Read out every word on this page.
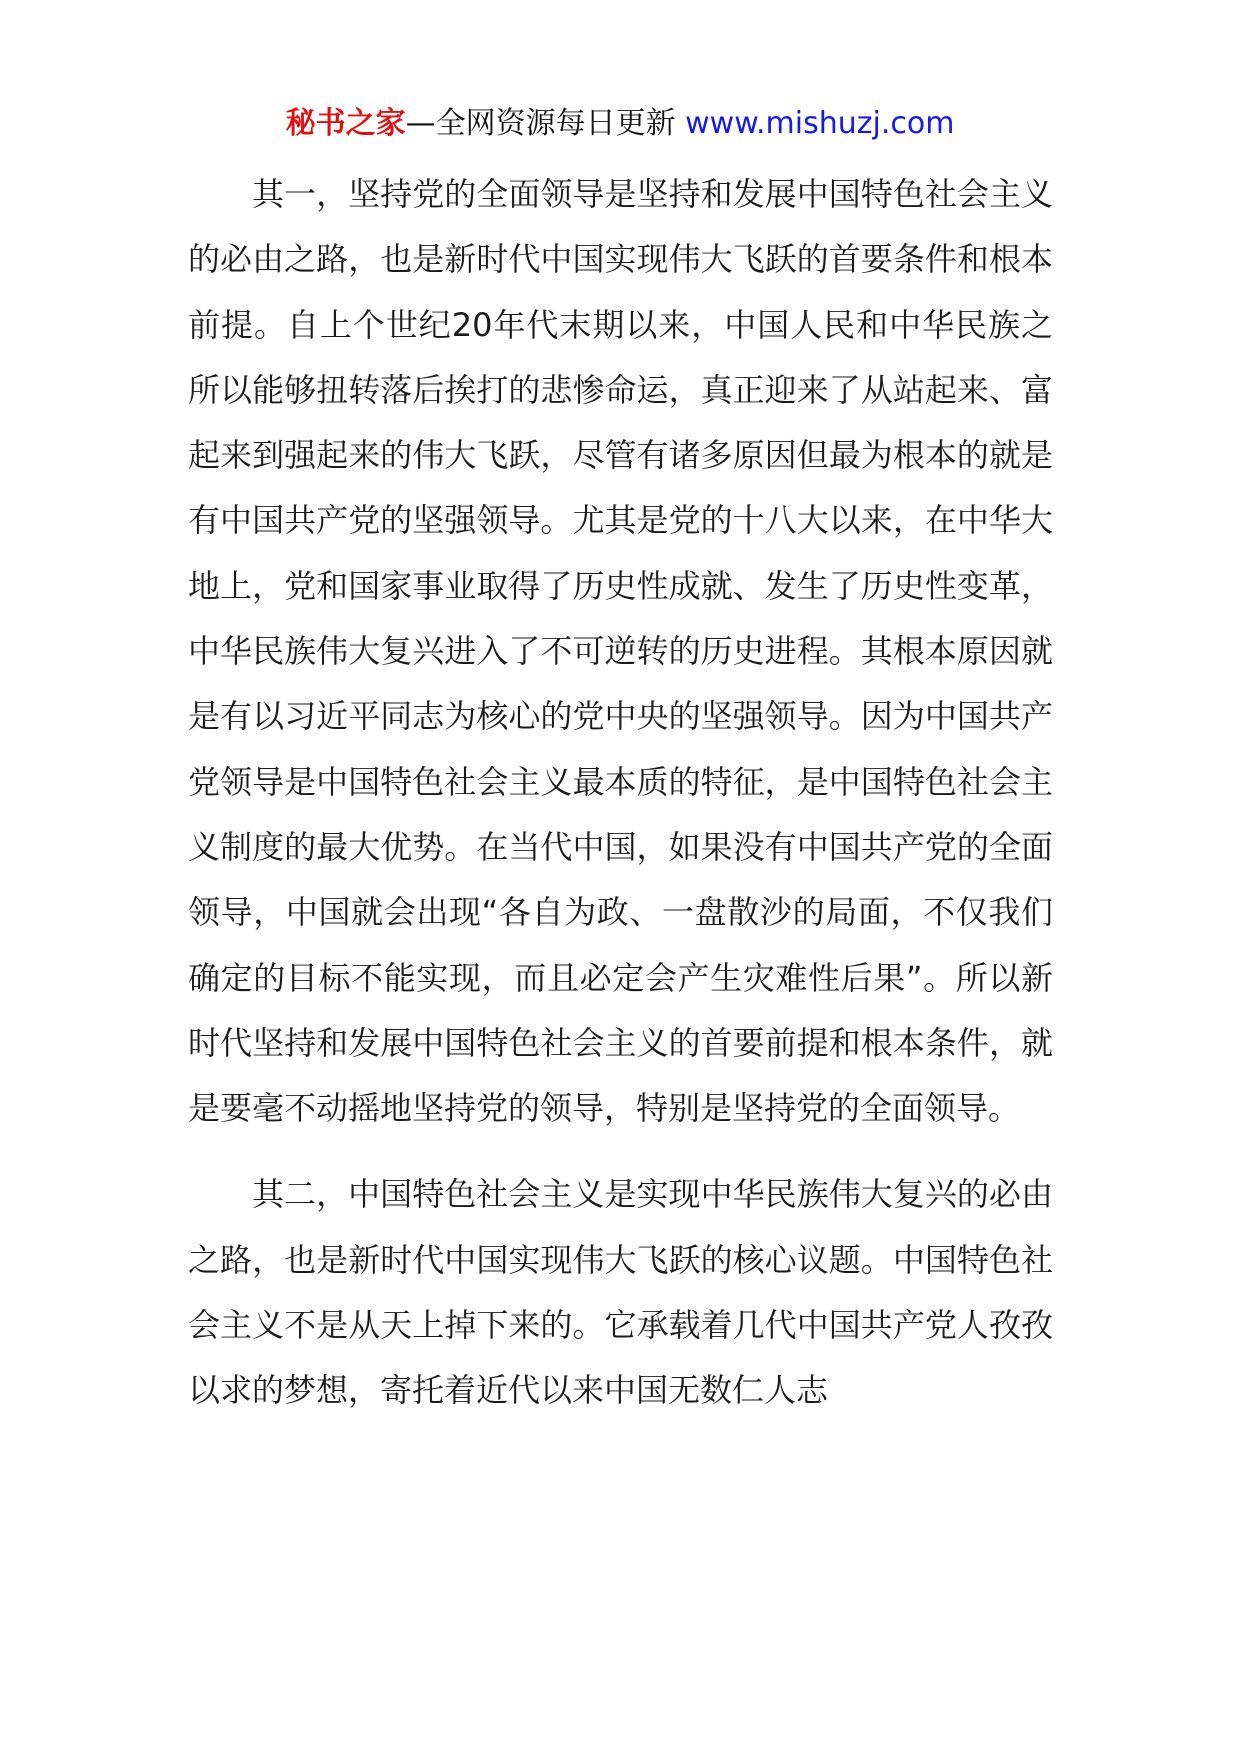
秘书之家—全网资源每日更新 www.mishuzj.com

其一，坚持党的全面领导是坚持和发展中国特色社会主义的必由之路，也是新时代中国实现伟大飞跃的首要条件和根本前提。自上个世纪20年代末期以来，中国人民和中华民族之所以能够扭转落后挨打的悲惨命运，真正迎来了从站起来、富起来到强起来的伟大飞跃，尽管有诸多原因但最为根本的就是有中国共产党的坚强领导。尤其是党的十八大以来，在中华大地上，党和国家事业取得了历史性成就、发生了历史性变革，中华民族伟大复兴进入了不可逆转的历史进程。其根本原因就是有以习近平同志为核心的党中央的坚强领导。因为中国共产党领导是中国特色社会主义最本质的特征，是中国特色社会主义制度的最大优势。在当代中国，如果没有中国共产党的全面领导，中国就会出现“各自为政、一盘散沙的局面，不仅我们确定的目标不能实现，而且必定会产生灾难性后果”。所以新时代坚持和发展中国特色社会主义的首要前提和根本条件，就是要毫不动摇地坚持党的领导，特别是坚持党的全面领导。

其二，中国特色社会主义是实现中华民族伟大复兴的必由之路，也是新时代中国实现伟大飞跃的核心议题。中国特色社会主义不是从天上掉下来的。它承载着几代中国共产党人孜孜以求的梦想，寄托着近代以来中国无数仁人志
